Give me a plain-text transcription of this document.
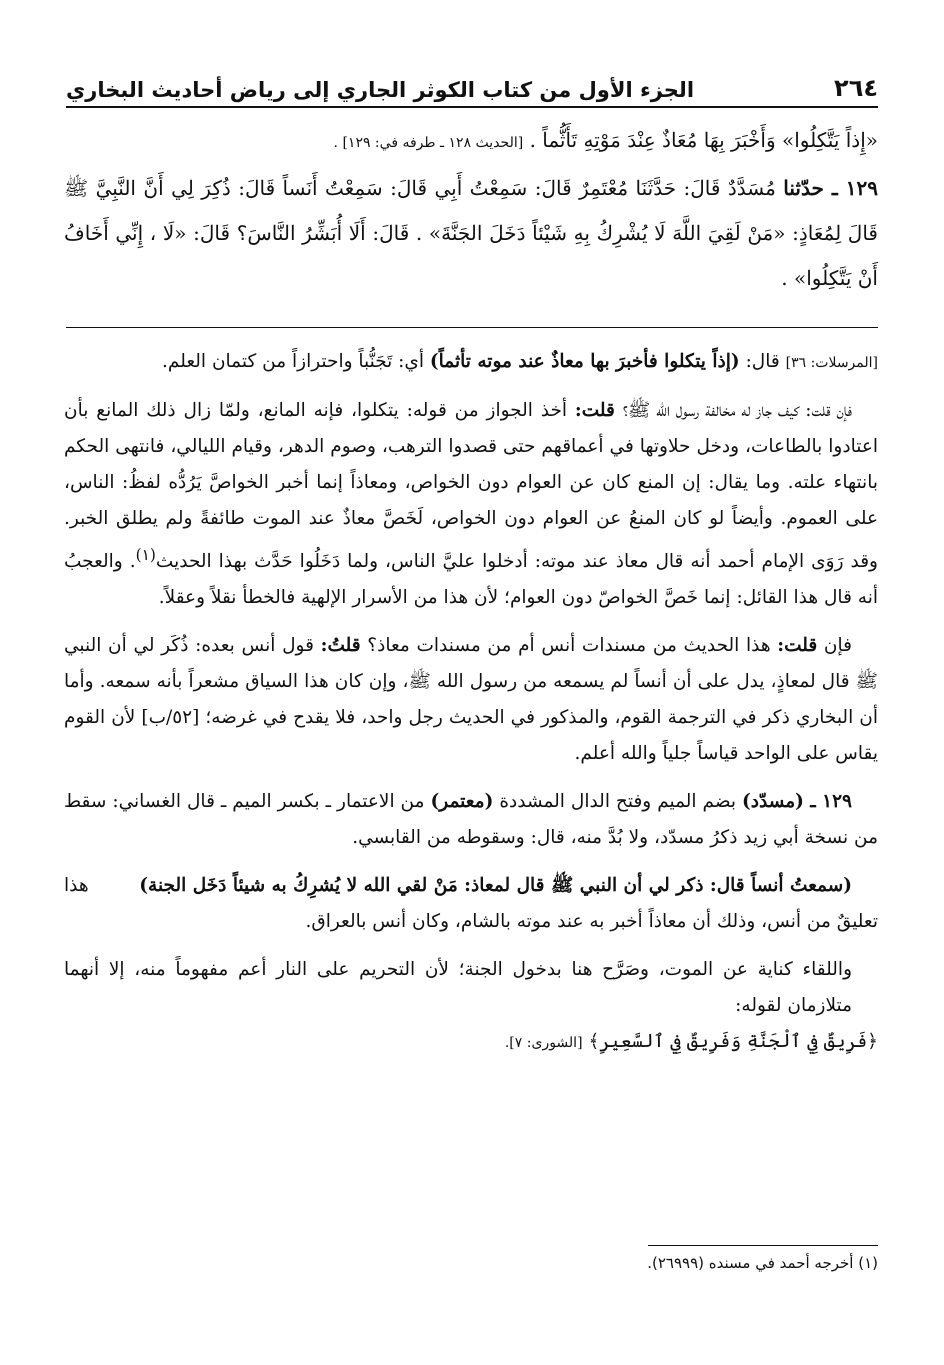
٢٦٤
الجزء الأول من كتاب الكوثر الجاري إلى رياض أحاديث البخاري

«إِذاً يَتَّكِلُوا» وَأَخْبَرَ بِهَا مُعَاذٌ عِنْدَ مَوْتِهِ تَأَثُّماً . [الحديث ١٢٨ ـ طرفه في: ١٢٩] .

١٢٩ ـ حدّثنا مُسَدَّدٌ قَالَ: حَدَّثَنَا مُعْتَمِرٌ قَالَ: سَمِعْتُ أَبِي قَالَ: سَمِعْتُ أَنَساً قَالَ: ذُكِرَ لِي أَنَّ النَّبِيَّ ﷺ قَالَ لِمُعَاذٍ: «مَنْ لَقِيَ اللَّهَ لَا يُشْرِكُ بِهِ شَيْئاً دَخَلَ الجَنَّةَ» . قَالَ: أَلَا أُبَشِّرُ النَّاسَ؟ قَالَ: «لَا ، إِنِّي أَخَافُ أَنْ يَتَّكِلُوا» .

[المرسلات: ٣٦] قال: (إذاً يتكلوا فأخبرَ بها معاذٌ عند موته تأثماً) أي: تَجَنُّباً واحترازاً من كتمان العلم.

فإن قلت: كيف جاز له مخالفة رسول الله ﷺ؟ قلت: أخذ الجواز من قوله: يتكلوا، فإنه المانع، ولمّا زال ذلك المانع بأن اعتادوا بالطاعات، ودخل حلاوتها في أعماقهم حتى قصدوا الترهب، وصوم الدهر، وقيام الليالي، فانتهى الحكم بانتهاء علته. وما يقال: إن المنع كان عن العوام دون الخواص، ومعاذاً إنما أخبر الخواصَّ يَرُدُّه لفظُ: الناس، على العموم. وأيضاً لو كان المنعُ عن العوام دون الخواص، لَخَصَّ معاذٌ عند الموت طائفةً ولم يطلق الخبر. وقد رَوَى الإمام أحمد أنه قال معاذ عند موته: أدخلوا عليَّ الناس، ولما دَخَلُوا حَدَّث بهذا الحديث$^{(١)}$. والعجبُ أنه قال هذا القائل: إنما خَصَّ الخواصّ دون العوام؛ لأن هذا من الأسرار الإلهية فالخطأ نقلاً وعقلاً.

فإن قلت: هذا الحديث من مسندات أنس أم من مسندات معاذ؟ قلتُ: قول أنس بعده: ذُكَر لي أن النبي ﷺ قال لمعاذٍ، يدل على أن أنساً لم يسمعه من رسول الله ﷺ، وإن كان هذا السياق مشعراً بأنه سمعه. وأما أن البخاري ذكر في الترجمة القوم، والمذكور في الحديث رجل واحد، فلا يقدح في غرضه؛ [٥٢/ب] لأن القوم يقاس على الواحد قياساً جلياً والله أعلم.

١٢٩ ـ (مسدّد) بضم الميم وفتح الدال المشددة (معتمر) من الاعتمار ـ بكسر الميم ـ قال الغساني: سقط من نسخة أبي زيد ذكرُ مسدّد، ولا بُدَّ منه، قال: وسقوطه من القابسي.

(سمعتُ أنساً قال: ذكر لي أن النبي ﷺ قال لمعاذ: مَنْ لقي الله لا يُشرِكُ به شيئاً دَخَل الجنة) هذا تعليقٌ من أنس، وذلك أن معاذاً أخبر به عند موته بالشام، وكان أنس بالعراق.

واللقاء كناية عن الموت، وصَرَّح هنا بدخول الجنة؛ لأن التحريم على النار أعم مفهوماً منه، إلا أنهما متلازمان لقوله: ﴿فَرِيقٌ فِي ٱلْجَنَّةِ وَفَرِيقٌ فِي ٱلسَّعِيرِ﴾ [الشورى: ٧].

(١) أخرجه أحمد في مسنده (٢٦٩٩٩).
